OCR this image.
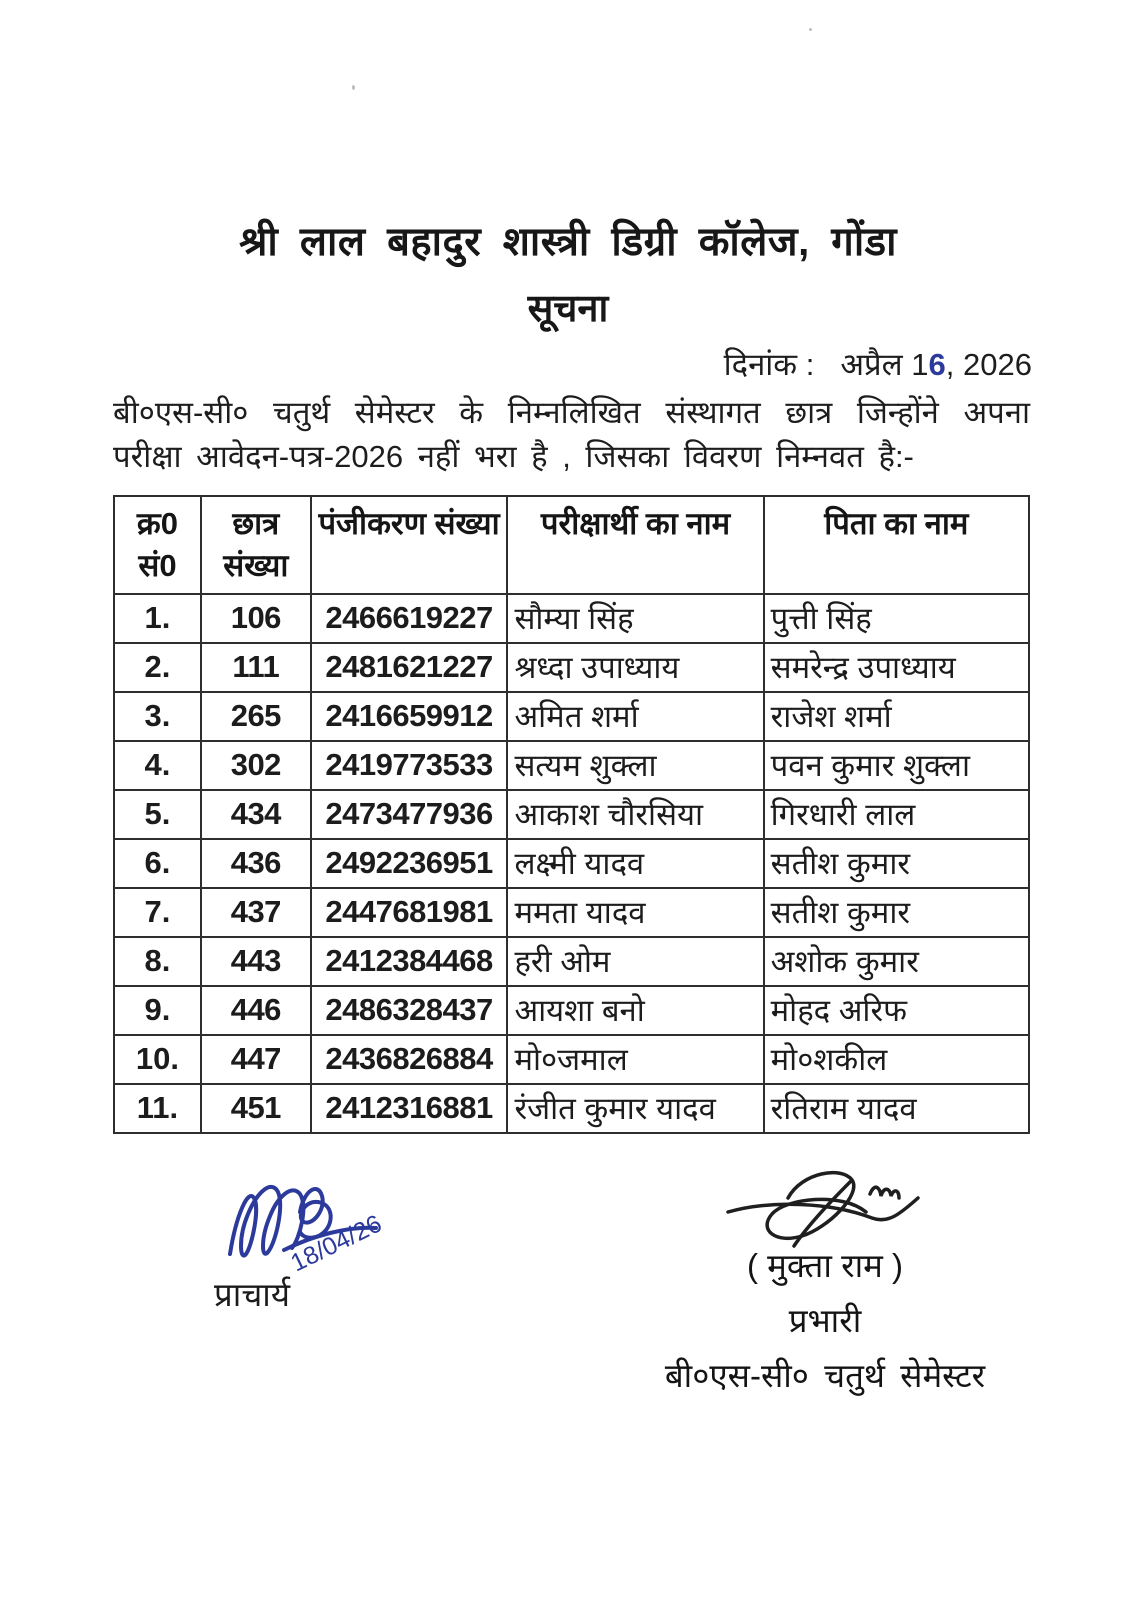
श्री लाल बहादुर शास्त्री डिग्री कॉलेज, गोंडा
सूचना
दिनांक : अप्रैल 16, 2026
बी०एस-सी० चतुर्थ सेमेस्टर के निम्नलिखित संस्थागत छात्र जिन्होंने अपना परीक्षा आवेदन-पत्र-2026 नहीं भरा है , जिसका विवरण निम्नवत है:-
क्र0 सं0	छात्र संख्या	पंजीकरण संख्या	परीक्षार्थी का नाम	पिता का नाम
1.	106	2466619227	सौम्या सिंह	पुत्ती सिंह
2.	111	2481621227	श्रध्दा उपाध्याय	समरेन्द्र उपाध्याय
3.	265	2416659912	अमित शर्मा	राजेश शर्मा
4.	302	2419773533	सत्यम शुक्ला	पवन कुमार शुक्ला
5.	434	2473477936	आकाश चौरसिया	गिरधारी लाल
6.	436	2492236951	लक्ष्मी यादव	सतीश कुमार
7.	437	2447681981	ममता यादव	सतीश कुमार
8.	443	2412384468	हरी ओम	अशोक कुमार
9.	446	2486328437	आयशा बनो	मोहद अरिफ
10.	447	2436826884	मो०जमाल	मो०शकील
11.	451	2412316881	रंजीत कुमार यादव	रतिराम यादव
18/04/26
प्राचार्य
( मुक्ता राम )
प्रभारी
बी०एस-सी० चतुर्थ सेमेस्टर
